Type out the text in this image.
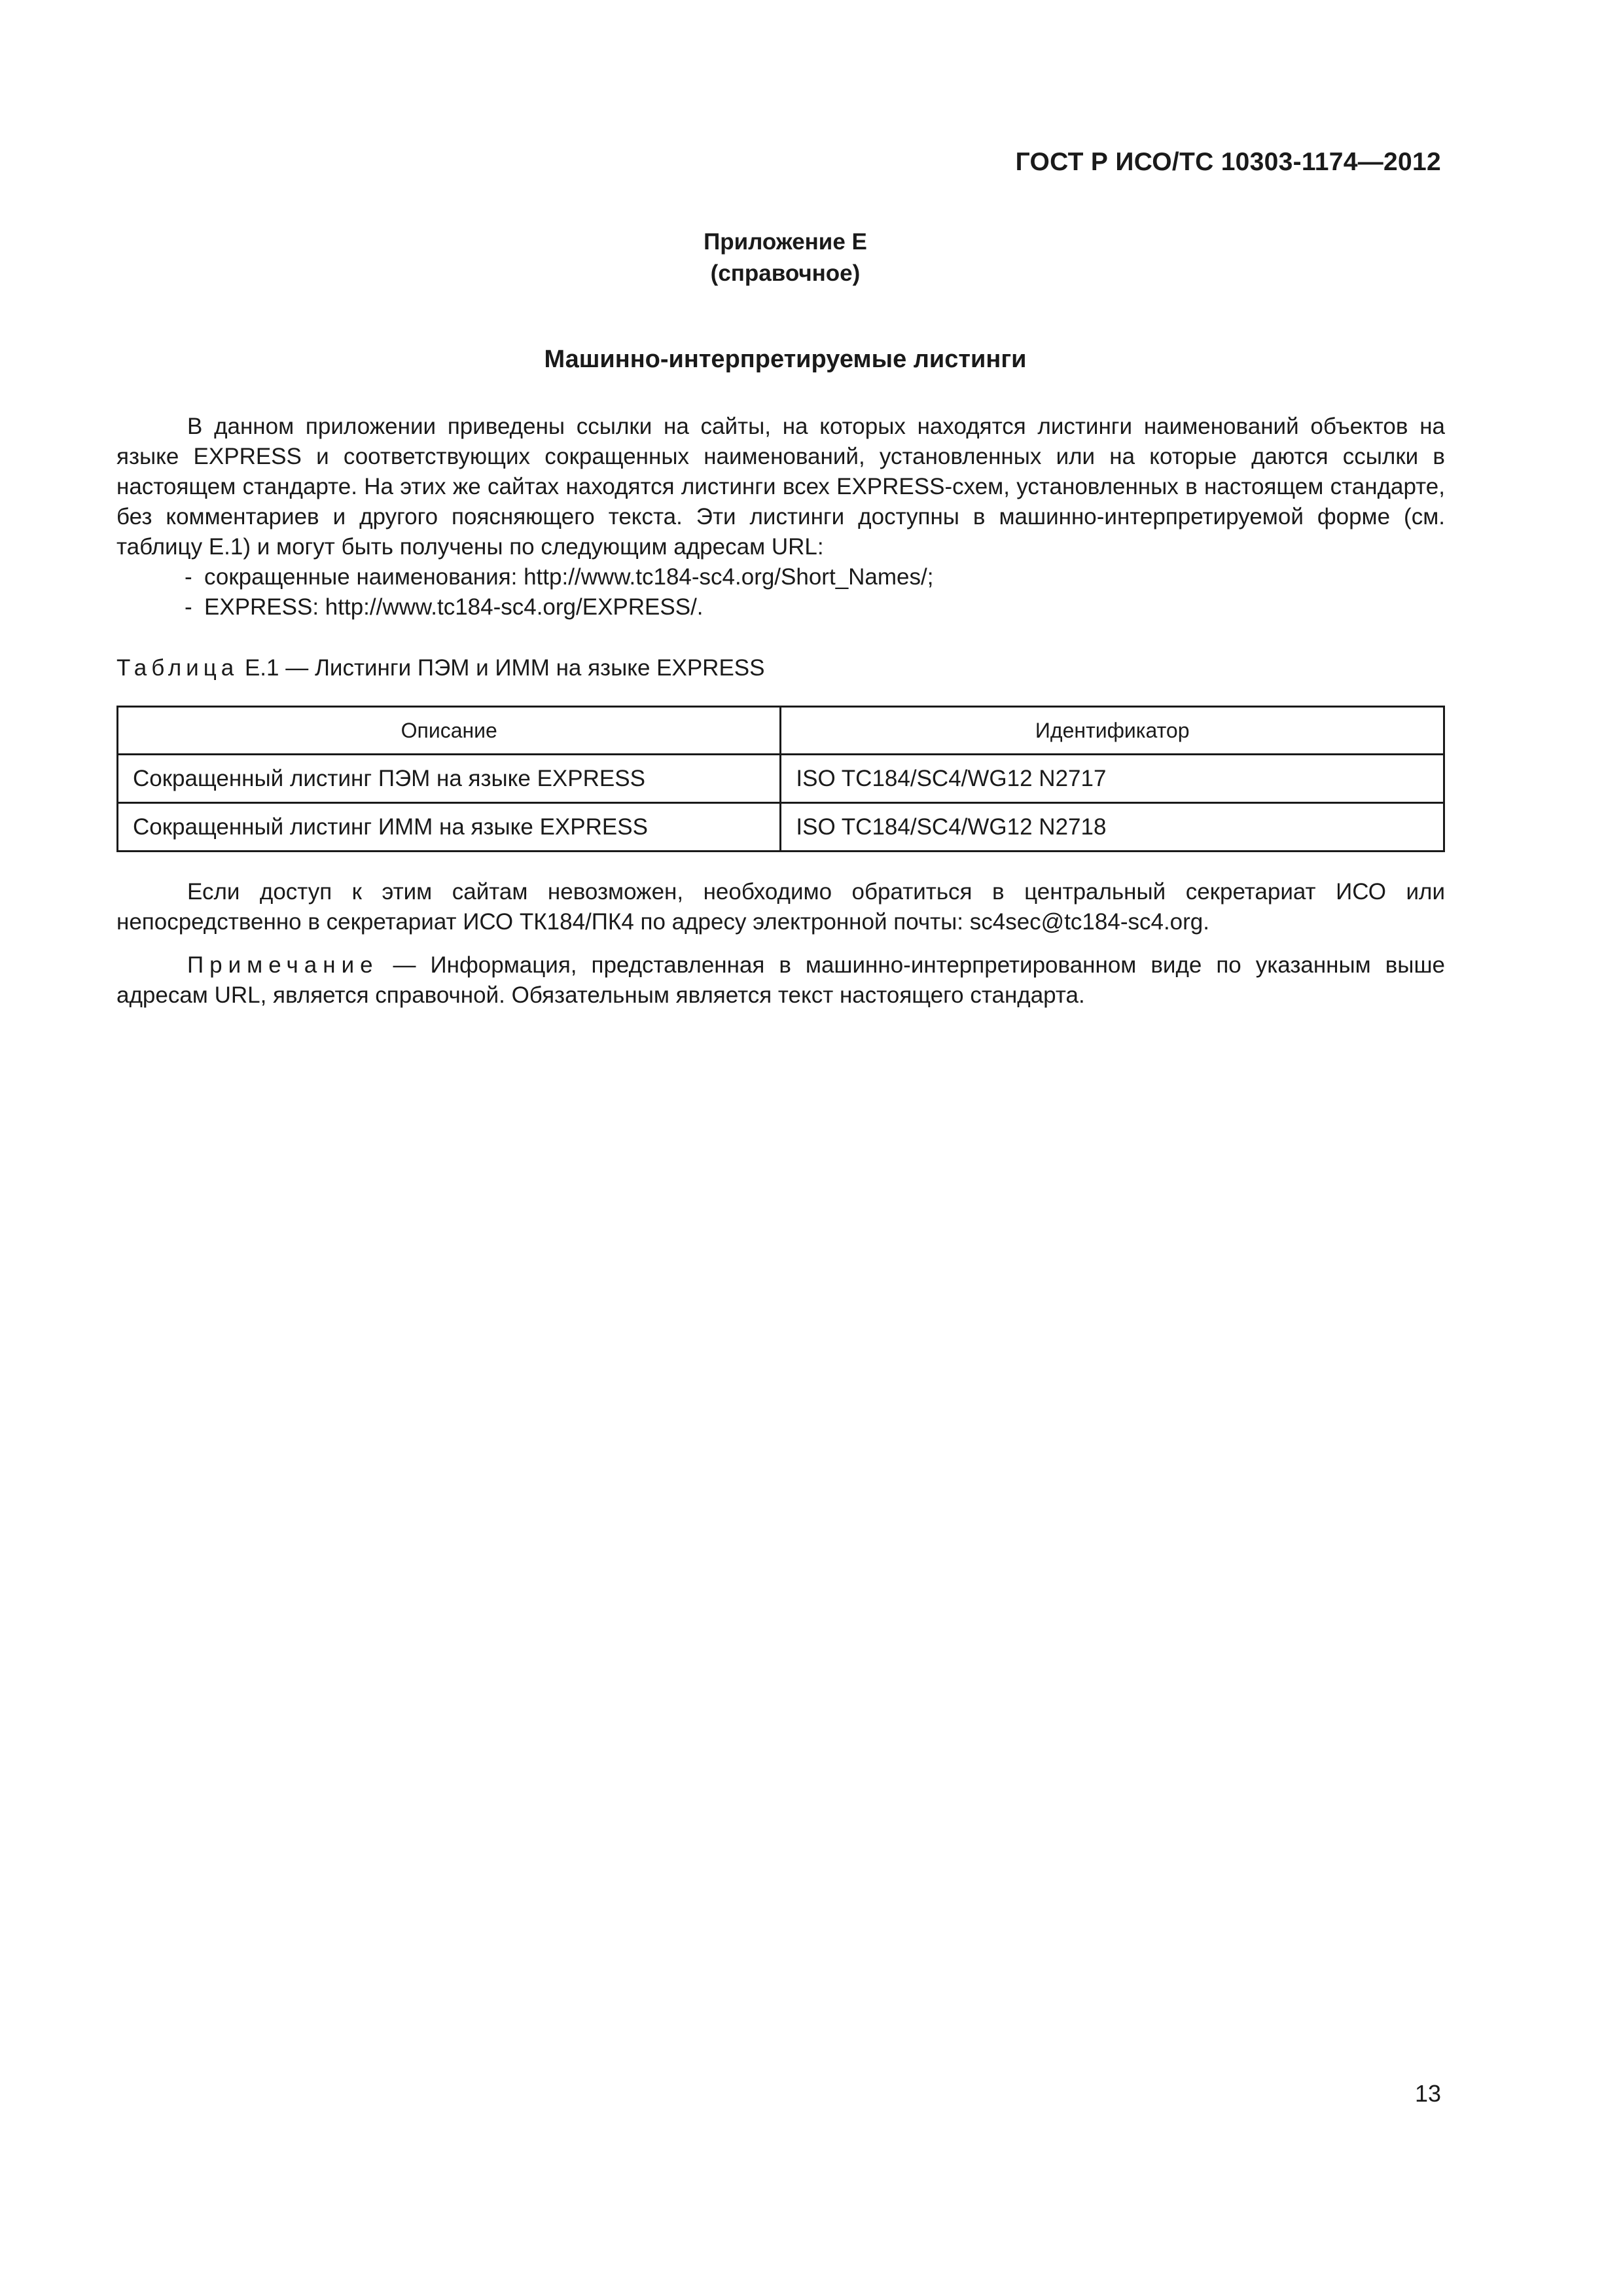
ГОСТ Р ИСО/ТС 10303-1174—2012
Приложение Е
(справочное)
Машинно-интерпретируемые листинги

В данном приложении приведены ссылки на сайты, на которых находятся листинги наименований объектов на языке EXPRESS и соответствующих сокращенных наименований, установленных или на которые даются ссылки в настоящем стандарте. На этих же сайтах находятся листинги всех EXPRESS-схем, установленных в настоящем стандарте, без комментариев и другого поясняющего текста. Эти листинги доступны в машинно-интерпретируемой форме (см. таблицу Е.1) и могут быть получены по следующим адресам URL:

- сокращенные наименования: http://www.tc184-sc4.org/Short_Names/;
- EXPRESS: http://www.tc184-sc4.org/EXPRESS/.
Таблица Е.1 — Листинги ПЭМ и ИММ на языке EXPRESS
Описание	Идентификатор
Сокращенный листинг ПЭМ на языке EXPRESS	ISO TC184/SC4/WG12 N2717
Сокращенный листинг ИММ на языке EXPRESS	ISO TC184/SC4/WG12 N2718

Если доступ к этим сайтам невозможен, необходимо обратиться в центральный секретариат ИСО или непосредственно в секретариат ИСО ТК184/ПК4 по адресу электронной почты: sc4sec@tc184-sc4.org.

Примечание — Информация, представленная в машинно-интерпретированном виде по указанным выше адресам URL, является справочной. Обязательным является текст настоящего стандарта.

13
